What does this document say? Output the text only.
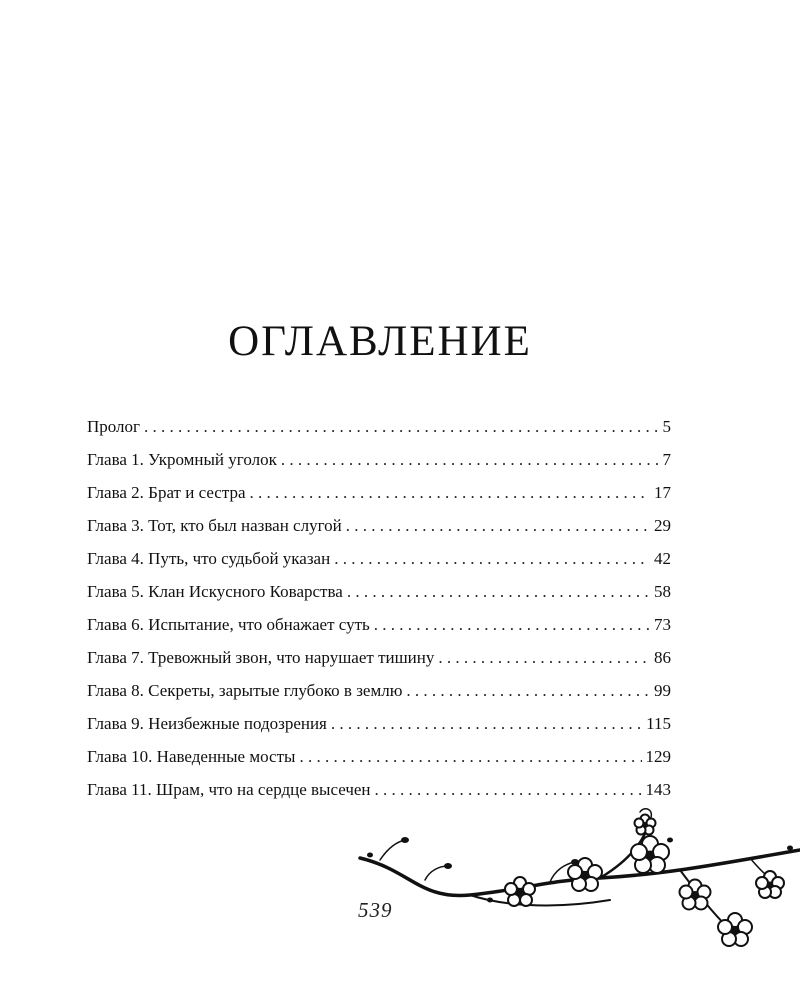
ОГЛАВЛЕНИЕ
Пролог . . .	5
Глава 1. Укромный уголок . . .	7
Глава 2. Брат и сестра . . .	17
Глава 3. Тот, кто был назван слугой . . .	29
Глава 4. Путь, что судьбой указан . . .	42
Глава 5. Клан Искусного Коварства . . .	58
Глава 6. Испытание, что обнажает суть . . .	73
Глава 7. Тревожный звон, что нарушает тишину . . .	86
Глава 8. Секреты, зарытые глубоко в землю . . .	99
Глава 9. Неизбежные подозрения . . .	115
Глава 10. Наведенные мосты . . .	129
Глава 11. Шрам, что на сердце высечен . . .	143
539
